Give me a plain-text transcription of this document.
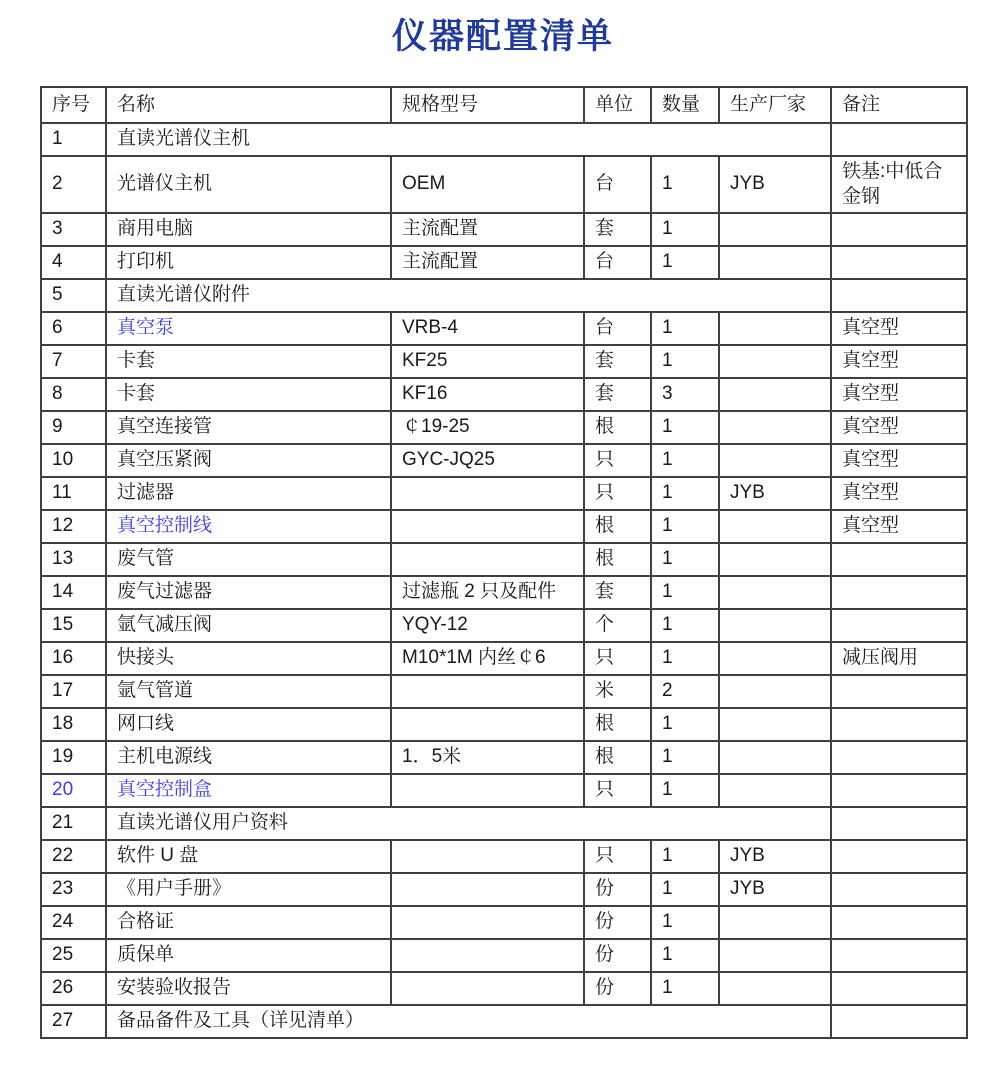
仪器配置清单
序号	名称	规格型号	单位	数量	生产厂家	备注
1	直读光谱仪主机					
2	光谱仪主机	OEM	台	1	JYB	铁基:中低合金钢
3	商用电脑	主流配置	套	1		
4	打印机	主流配置	台	1		
5	直读光谱仪附件					
6	真空泵	VRB-4	台	1		真空型
7	卡套	KF25	套	1		真空型
8	卡套	KF16	套	3		真空型
9	真空连接管	￠19-25	根	1		真空型
10	真空压紧阀	GYC-JQ25	只	1		真空型
11	过滤器		只	1	JYB	真空型
12	真空控制线		根	1		真空型
13	废气管		根	1		
14	废气过滤器	过滤瓶 2 只及配件	套	1		
15	氩气减压阀	YQY-12	个	1		
16	快接头	M10*1M 内丝￠6	只	1		减压阀用
17	氩气管道		米	2		
18	网口线		根	1		
19	主机电源线	1．5米	根	1		
20	真空控制盒		只	1		
21	直读光谱仪用户资料					
22	软件 U 盘		只	1	JYB	
23	《用户手册》		份	1	JYB	
24	合格证		份	1		
25	质保单		份	1		
26	安装验收报告		份	1		
27	备品备件及工具（详见清单）					
